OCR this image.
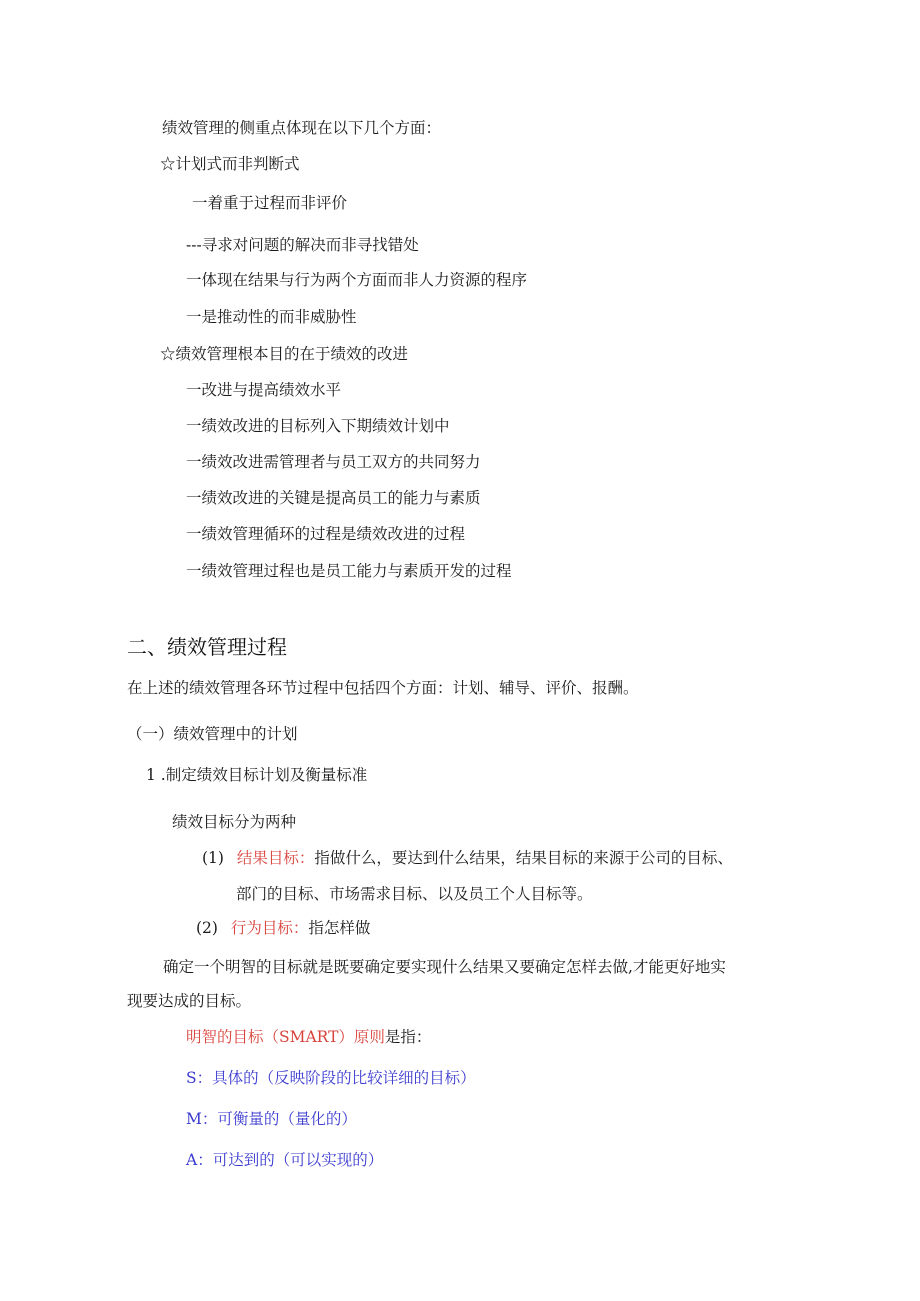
绩效管理的侧重点体现在以下几个方面：
☆计划式而非判断式
一着重于过程而非评价
---寻求对问题的解决而非寻找错处
一体现在结果与行为两个方面而非人力资源的程序
一是推动性的而非威胁性
☆绩效管理根本目的在于绩效的改进
一改进与提高绩效水平
一绩效改进的目标列入下期绩效计划中
一绩效改进需管理者与员工双方的共同努力
一绩效改进的关键是提高员工的能力与素质
一绩效管理循环的过程是绩效改进的过程
一绩效管理过程也是员工能力与素质开发的过程
二、绩效管理过程
在上述的绩效管理各环节过程中包括四个方面：计划、辅导、评价、报酬。
（一）绩效管理中的计划
1 .制定绩效目标计划及衡量标准
绩效目标分为两种
(1) 结果目标：指做什么，要达到什么结果，结果目标的来源于公司的目标、
部门的目标、市场需求目标、以及员工个人目标等。
(2) 行为目标：指怎样做
确定一个明智的目标就是既要确定要实现什么结果又要确定怎样去做,才能更好地实
现要达成的目标。
明智的目标（SMART）原则是指：
S：具体的（反映阶段的比较详细的目标）
M：可衡量的（量化的）
A：可达到的（可以实现的）
